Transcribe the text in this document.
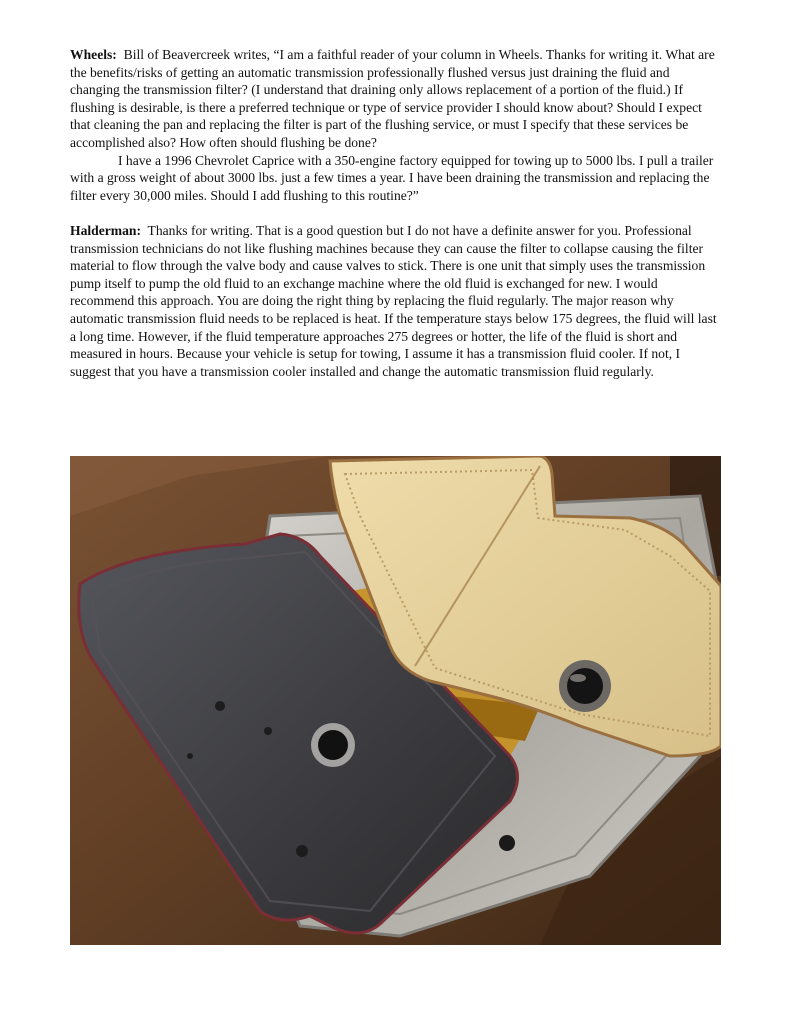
Wheels: Bill of Beavercreek writes, “I am a faithful reader of your column in Wheels. Thanks for writing it. What are the benefits/risks of getting an automatic transmission professionally flushed versus just draining the fluid and changing the transmission filter? (I understand that draining only allows replacement of a portion of the fluid.) If flushing is desirable, is there a preferred technique or type of service provider I should know about? Should I expect that cleaning the pan and replacing the filter is part of the flushing service, or must I specify that these services be accomplished also? How often should flushing be done?

I have a 1996 Chevrolet Caprice with a 350-engine factory equipped for towing up to 5000 lbs. I pull a trailer with a gross weight of about 3000 lbs. just a few times a year. I have been draining the transmission and replacing the filter every 30,000 miles. Should I add flushing to this routine?”

Halderman: Thanks for writing. That is a good question but I do not have a definite answer for you. Professional transmission technicians do not like flushing machines because they can cause the filter to collapse causing the filter material to flow through the valve body and cause valves to stick. There is one unit that simply uses the transmission pump itself to pump the old fluid to an exchange machine where the old fluid is exchanged for new. I would recommend this approach. You are doing the right thing by replacing the fluid regularly. The major reason why automatic transmission fluid needs to be replaced is heat. If the temperature stays below 175 degrees, the fluid will last a long time. However, if the fluid temperature approaches 275 degrees or hotter, the life of the fluid is short and measured in hours. Because your vehicle is setup for towing, I assume it has a transmission fluid cooler. If not, I suggest that you have a transmission cooler installed and change the automatic transmission fluid regularly.
